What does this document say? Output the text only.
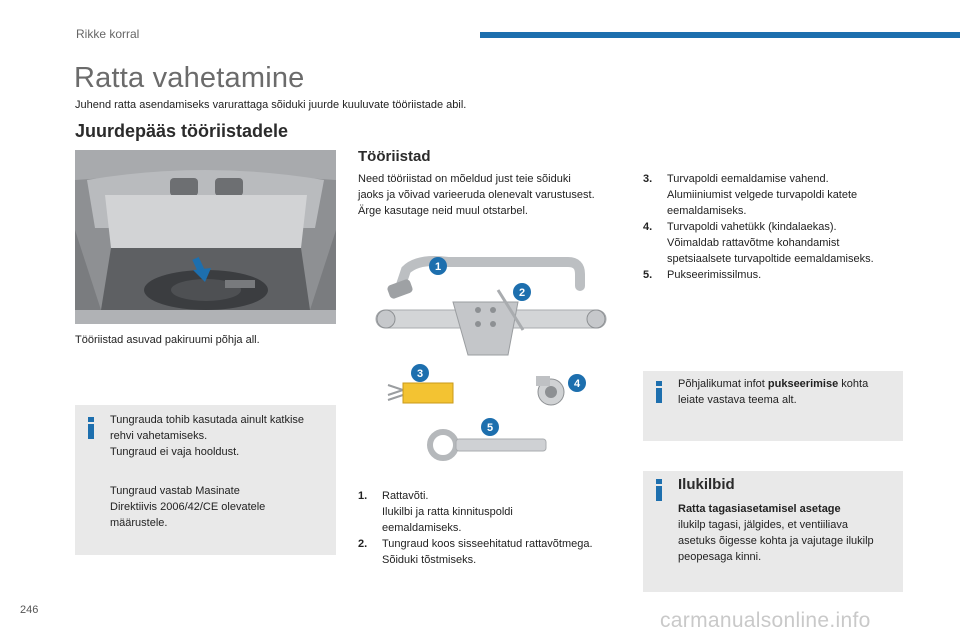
Rikke korral
Ratta vahetamine
Juhend ratta asendamiseks varurattaga sõiduki juurde kuuluvate tööriistade abil.
Juurdepääs tööriistadele
Tööriistad asuvad pakiruumi põhja all.

Tungrauda tohib kasutada ainult katkise
rehvi vahetamiseks.
Tungraud ei vaja hooldust.

Tungraud vastab Masinate
Direktiivis 2006/42/CE olevatele
määrustele.

Tööriistad
Need tööriistad on mõeldud just teie sõiduki
jaoks ja võivad varieeruda olenevalt varustusest.
Ärge kasutage neid muul otstarbel.
1
2
3
4
5
1. Rattavõti.
Ilukilbi ja ratta kinnituspoldi
eemaldamiseks.
2. Tungraud koos sisseehitatud rattavõtmega.
Sõiduki tõstmiseks.
3. Turvapoldi eemaldamise vahend.
Alumiiniumist velgede turvapoldi katete
eemaldamiseks.
4. Turvapoldi vahetükk (kindalaekas).
Võimaldab rattavõtme kohandamist
spetsiaalsete turvapoltide eemaldamiseks.
5. Pukseerimissilmus.

Põhjalikumat infot pukseerimise kohta
leiate vastava teema alt.

Ilukilbid

Ratta tagasiasetamisel asetage
ilukilp tagasi, jälgides, et ventiiliava
asetuks õigesse kohta ja vajutage ilukilp
peopesaga kinni.

246	carmanualsonline.info
